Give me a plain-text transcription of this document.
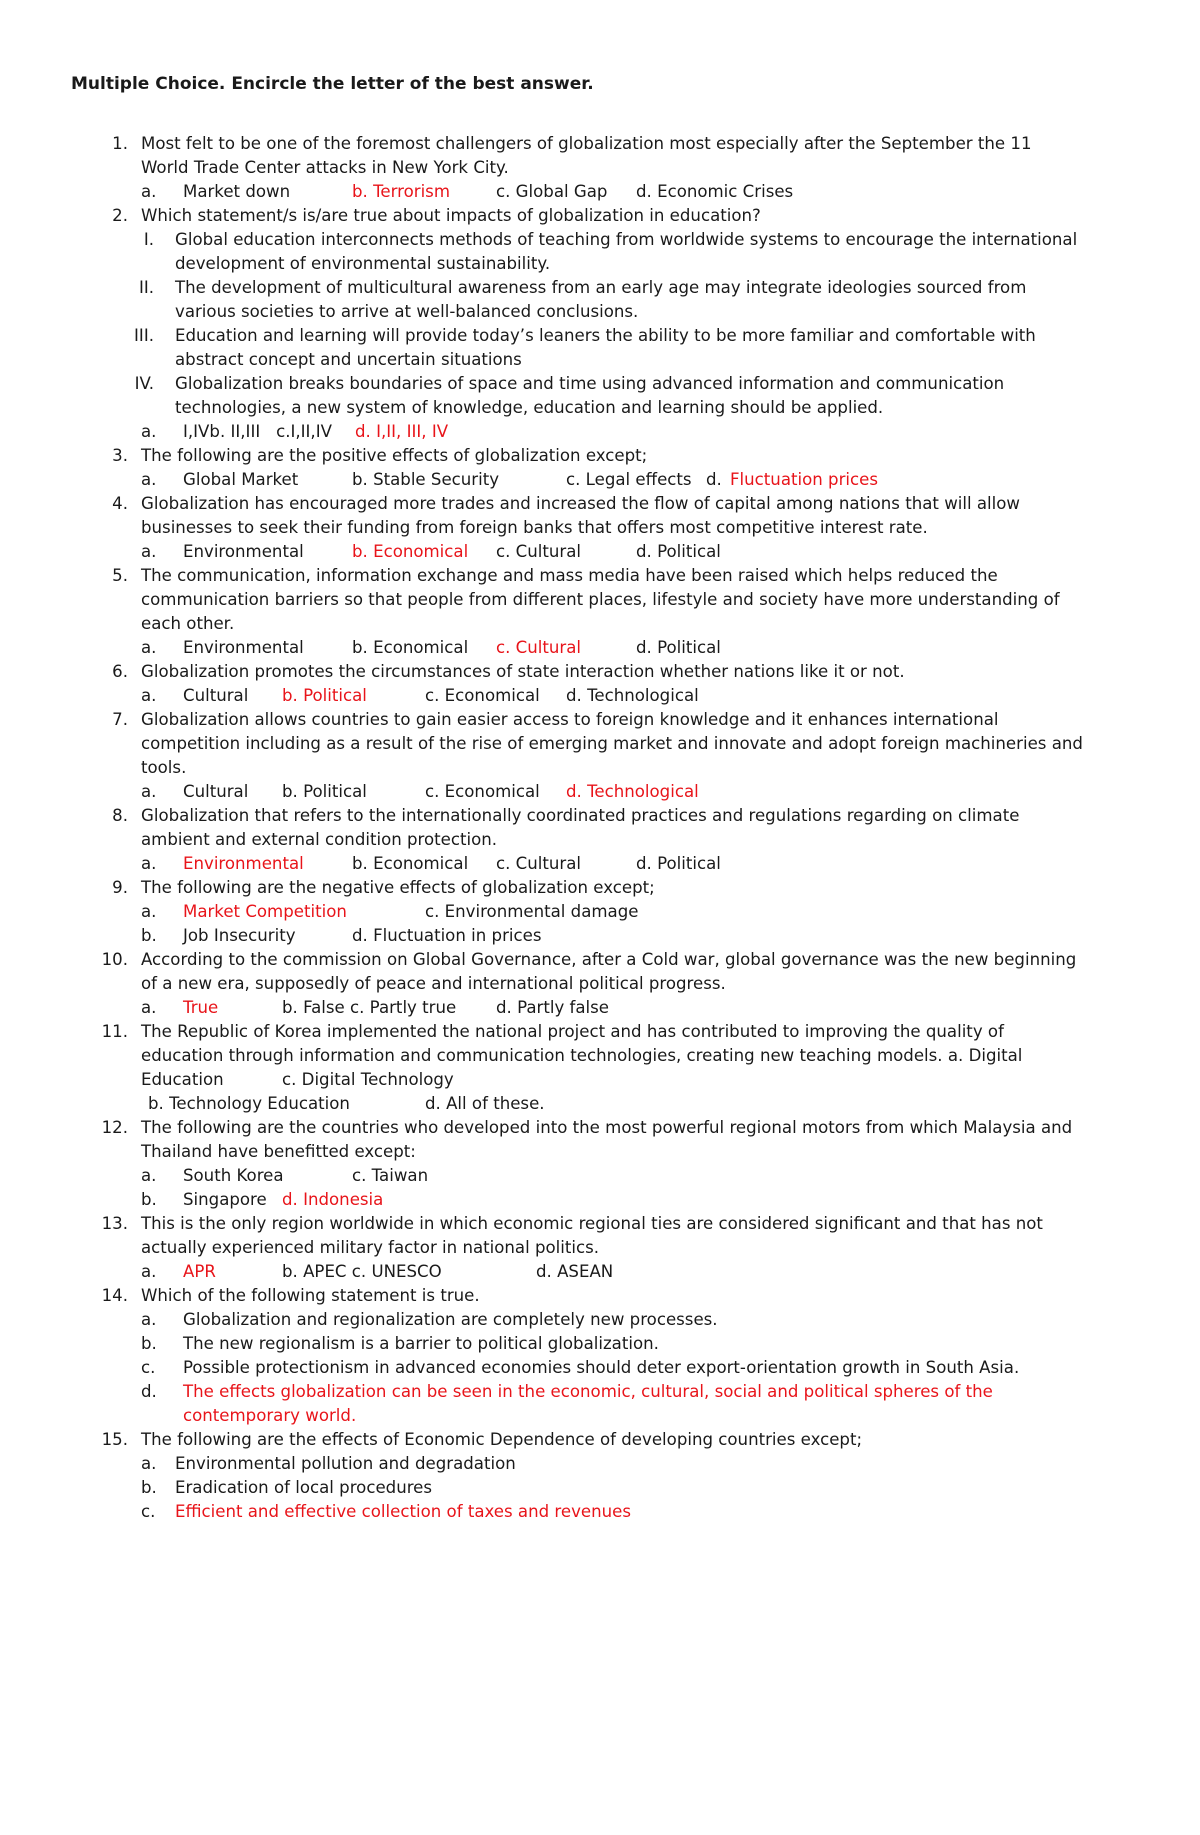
Multiple Choice. Encircle the letter of the best answer.
1. Most felt to be one of the foremost challengers of globalization most especially after the September the 11
World Trade Center attacks in New York City.
a. Market down	b. Terrorism	c. Global Gap d. Economic Crises
2. Which statement/s is/are true about impacts of globalization in education?
I. Global education interconnects methods of teaching from worldwide systems to encourage the international
development of environmental sustainability.
II. The development of multicultural awareness from an early age may integrate ideologies sourced from
various societies to arrive at well-balanced conclusions.
III. Education and learning will provide today’s leaners the ability to be more familiar and comfortable with
abstract concept and uncertain situations
IV. Globalization breaks boundaries of space and time using advanced information and communication
technologies, a new system of knowledge, education and learning should be applied.
a. I,IVb. II,III   c.I,II,IV d. I,II, III, IV
3. The following are the positive effects of globalization except;
a. Global Market	b. Stable Security	c. Legal effects d. Fluctuation prices
4. Globalization has encouraged more trades and increased the flow of capital among nations that will allow
businesses to seek their funding from foreign banks that offers most competitive interest rate.
a. Environmental	b. Economical c. Cultural	d. Political
5. The communication, information exchange and mass media have been raised which helps reduced the
communication barriers so that people from different places, lifestyle and society have more understanding of
each other.
a. Environmental	b. Economical c. Cultural	d. Political
6. Globalization promotes the circumstances of state interaction whether nations like it or not.
a. Cultural b. Political	c. Economical d. Technological
7. Globalization allows countries to gain easier access to foreign knowledge and it enhances international
competition including as a result of the rise of emerging market and innovate and adopt foreign machineries and
tools.
a. Cultural b. Political	c. Economical d. Technological
8. Globalization that refers to the internationally coordinated practices and regulations regarding on climate
ambient and external condition protection.
a. Environmental	b. Economical c. Cultural	d. Political
9. The following are the negative effects of globalization except;
a. Market Competition	c. Environmental damage
b. Job Insecurity	d. Fluctuation in prices
10. According to the commission on Global Governance, after a Cold war, global governance was the new beginning
of a new era, supposedly of peace and international political progress.
a. True	b. False c. Partly true d. Partly false
11. The Republic of Korea implemented the national project and has contributed to improving the quality of
education through information and communication technologies, creating new teaching models. a. Digital
Education	c. Digital Technology
b. Technology Education	d. All of these.
12. The following are the countries who developed into the most powerful regional motors from which Malaysia and
Thailand have benefitted except:
a. South Korea	c. Taiwan
b. Singapore d. Indonesia
13. This is the only region worldwide in which economic regional ties are considered significant and that has not
actually experienced military factor in national politics.
a. APR	b. APEC c. UNESCO	d. ASEAN
14. Which of the following statement is true.
a. Globalization and regionalization are completely new processes.
b. The new regionalism is a barrier to political globalization.
c. Possible protectionism in advanced economies should deter export-orientation growth in South Asia.
d. The effects globalization can be seen in the economic, cultural, social and political spheres of the
contemporary world.
15. The following are the effects of Economic Dependence of developing countries except;
a. Environmental pollution and degradation
b. Eradication of local procedures
c. Efficient and effective collection of taxes and revenues
